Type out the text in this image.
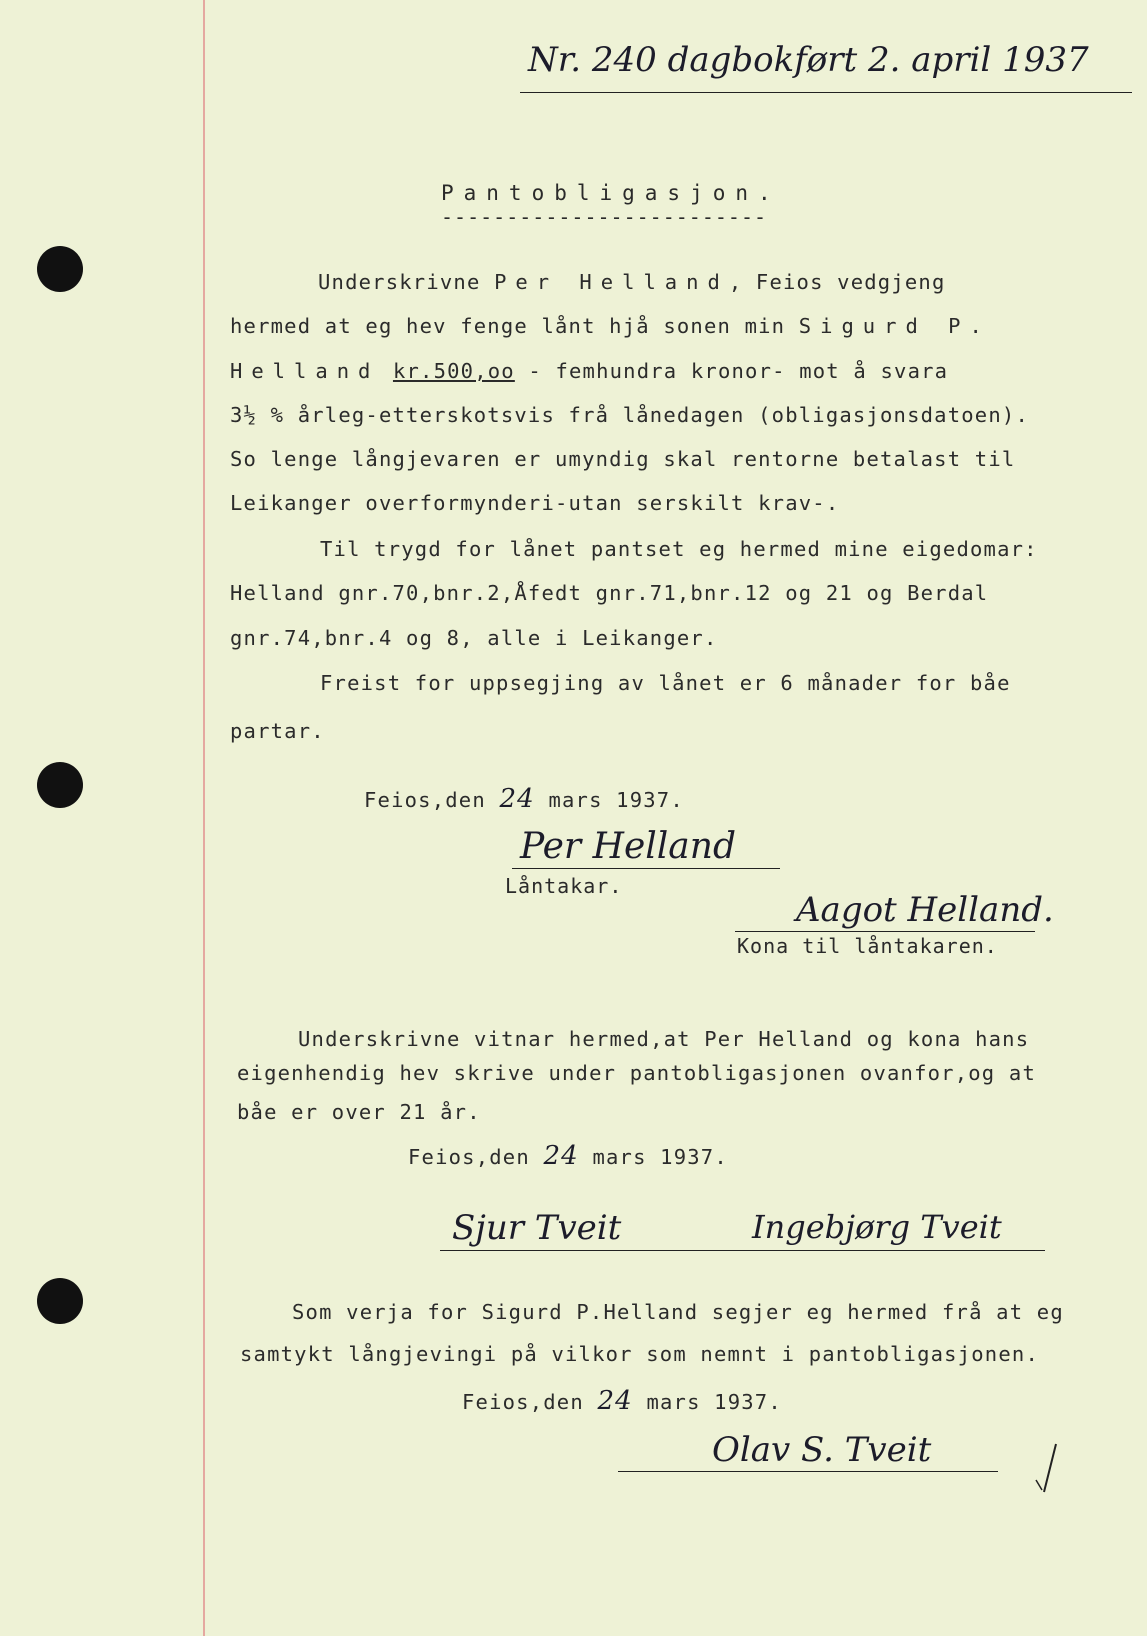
Nr. 240 dagbokført 2. april 1937
Pantobligasjon.
-------------------------
Underskrivne Per Helland, Feios vedgjeng
hermed at eg hev fenge lånt hjå sonen min Sigurd P.
Helland kr.500,oo - femhundra kronor- mot å svara
3½ % årleg-etterskotsvis frå lånedagen (obligasjonsdatoen).
So lenge långjevaren er umyndig skal rentorne betalast til
Leikanger overformynderi-utan serskilt krav-.
Til trygd for lånet pantset eg hermed mine eigedomar:
Helland gnr.70,bnr.2,Åfedt gnr.71,bnr.12 og 21 og Berdal
gnr.74,bnr.4 og 8, alle i Leikanger.
Freist for uppsegjing av lånet er 6 månader for båe
partar.
Feios,den 24 mars 1937.
Per Helland
Låntakar.
Aagot Helland.
Kona til låntakaren.
Underskrivne vitnar hermed,at Per Helland og kona hans
eigenhendig hev skrive under pantobligasjonen ovanfor,og at
båe er over 21 år.
Feios,den 24 mars 1937.
Sjur Tveit	Ingebjørg Tveit
Som verja for Sigurd P.Helland segjer eg hermed frå at eg
samtykt långjevingi på vilkor som nemnt i pantobligasjonen.
Feios,den 24 mars 1937.
Olav S. Tveit
